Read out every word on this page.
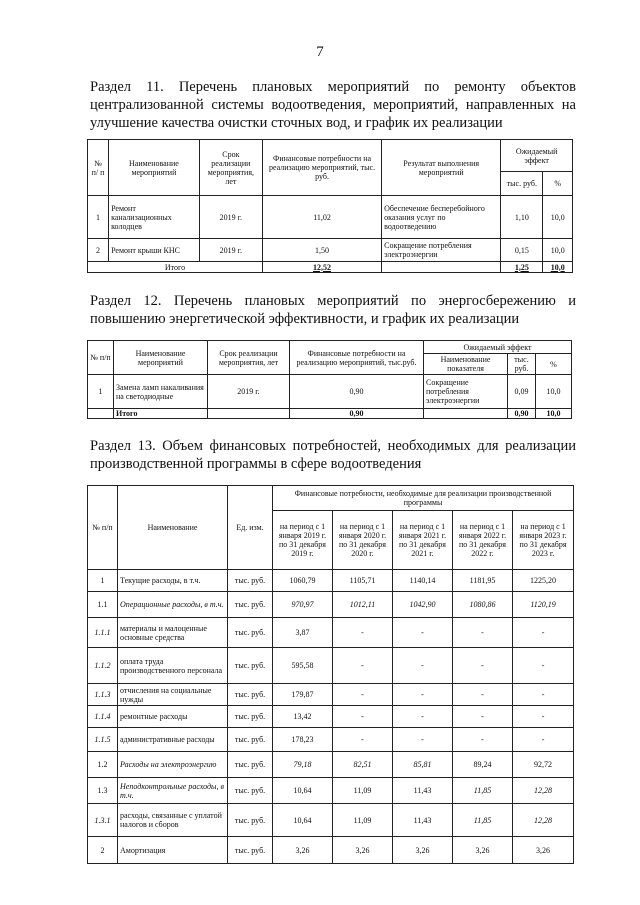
7
Раздел 11. Перечень плановых мероприятий по ремонту объектов централизованной системы водоотведения, мероприятий, направленных на улучшение качества очистки сточных вод, и график их реализации
№ п/ п	Наименование мероприятий	Срок реализации мероприятия, лет	Финансовые потребности на реализацию мероприятий, тыс. руб.	Результат выполнения мероприятий	Ожидаемый эффект	
					тыс. руб.	%
1	Ремонт канализационных колодцев	2019 г.	11,02	Обеспечение бесперебойного оказания услуг по водоотведению	1,10	10,0
2	Ремонт крыши КНС	2019 г.	1,50	Сокращение потребления электроэнергии	0,15	10,0
Итого			12,52		1,25	10,0
Раздел 12. Перечень плановых мероприятий по энергосбережению и повышению энергетической эффективности, и график их реализации
№ п/п	Наименование мероприятий	Срок реализации мероприятия, лет	Финансовые потребности на реализацию мероприятий, тыс.руб.	Ожидаемый эффект		
				Наименование показателя	тыс. руб.	%
1	Замена ламп накаливания на светодиодные	2019 г.	0,90	Сокращение потребления электроэнергии	0,09	10,0
	Итого		0,90		0,90	10,0
Раздел 13. Объем финансовых потребностей, необходимых для реализации производственной программы в сфере водоотведения
№ п/п	Наименование	Ед. изм.	Финансовые потребности, необходимые для реализации производственной программы				
			на период с 1 января 2019 г. по 31 декабря 2019 г.	на период с 1 января 2020 г. по 31 декабря 2020 г.	на период с 1 января 2021 г. по 31 декабря 2021 г.	на период с 1 января 2022 г. по 31 декабря 2022 г.	на период с 1 января 2023 г. по 31 декабря 2023 г.
1	Текущие расходы, в т.ч.	тыс. руб.	1060,79	1105,71	1140,14	1181,95	1225,20
1.1	Операционные расходы, в т.ч.	тыс. руб.	970,97	1012,11	1042,90	1080,86	1120,19
1.1.1	материалы и малоценные основные средства	тыс. руб.	3,87	-	-	-	-
1.1.2	оплата труда производственного персонала	тыс. руб.	595,58	-	-	-	-
1.1.3	отчисления на социальные нужды	тыс. руб.	179,87	-	-	-	-
1.1.4	ремонтные расходы	тыс. руб.	13,42	-	-	-	-
1.1.5	административные расходы	тыс. руб.	178,23	-	-	-	-
1.2	Расходы на электроэнергию	тыс. руб.	79,18	82,51	85,81	89,24	92,72
1.3	Неподконтрольные расходы, в т.ч.	тыс. руб.	10,64	11,09	11,43	11,85	12,28
1.3.1	расходы, связанные с уплатой налогов и сборов	тыс. руб.	10,64	11,09	11,43	11,85	12,28
2	Амортизация	тыс. руб.	3,26	3,26	3,26	3,26	3,26
